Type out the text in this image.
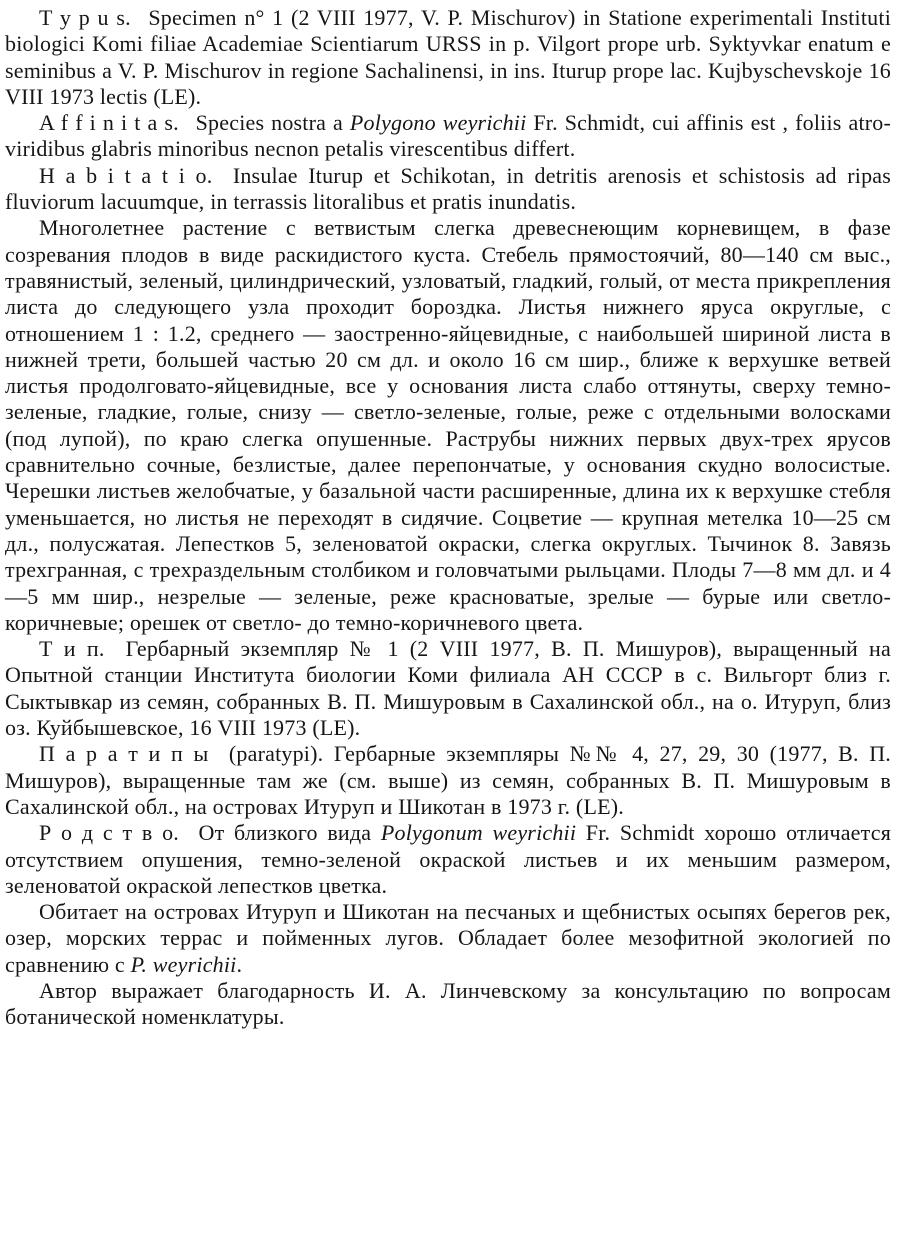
T y p u s. Specimen n° 1 (2 VIII 1977, V. P. Mischurov) in Statione experimentali Instituti biologici Komi filiae Academiae Scientiarum URSS in p. Vilgort prope urb. Syktyvkar enatum e seminibus a V. P. Mischurov in regione Sachalinensi, in ins. Iturup prope lac. Kujbyschevskoje 16 VIII 1973 lectis (LE).

A f f i n i t a s. Species nostra a Polygono weyrichii Fr. Schmidt, cui affinis est , foliis atro-viridibus glabris minoribus necnon petalis virescentibus differt.

H a b i t a t i o. Insulae Iturup et Schikotan, in detritis arenosis et schistosis ad ripas fluviorum lacuumque, in terrassis litoralibus et pratis inundatis.

Многолетнее растение с ветвистым слегка древеснеющим корневищем, в фазе созревания плодов в виде раскидистого куста. Стебель прямостоячий, 80—140 см выс., травянистый, зеленый, цилиндрический, узловатый, гладкий, голый, от места прикрепления листа до следующего узла проходит бороздка. Листья нижнего яруса округлые, с отношением 1 : 1.2, среднего — заостренно-яйцевидные, с наибольшей шириной листа в нижней трети, большей частью 20 см дл. и около 16 см шир., ближе к верхушке ветвей листья продолговато-яйцевидные, все у основания листа слабо оттянуты, сверху темно-зеленые, гладкие, голые, снизу — светло-зеленые, голые, реже с отдельными волосками (под лупой), по краю слегка опушенные. Раструбы нижних первых двух-трех ярусов сравнительно сочные, безлистые, далее перепончатые, у основания скудно волосистые. Черешки листьев желобчатые, у базальной части расширенные, длина их к верхушке стебля уменьшается, но листья не переходят в сидячие. Соцветие — крупная метелка 10—25 см дл., полусжатая. Лепестков 5, зеленоватой окраски, слегка округлых. Тычинок 8. Завязь трехгранная, с трехраздельным столбиком и головчатыми рыльцами. Плоды 7—8 мм дл. и 4—5 мм шир., незрелые — зеленые, реже красноватые, зрелые — бурые или светло-коричневые; орешек от светло- до темно-коричневого цвета.

Т и п. Гербарный экземпляр № 1 (2 VIII 1977, В. П. Мишуров), выращенный на Опытной станции Института биологии Коми филиала АН СССР в с. Вильгорт близ г. Сыктывкар из семян, собранных В. П. Мишуровым в Сахалинской обл., на о. Итуруп, близ оз. Куйбышевское, 16 VIII 1973 (LE).

П а р а т и п ы (paratypi). Гербарные экземпляры №№ 4, 27, 29, 30 (1977, В. П. Мишуров), выращенные там же (см. выше) из семян, собранных В. П. Мишуровым в Сахалинской обл., на островах Итуруп и Шикотан в 1973 г. (LE).

Р о д с т в о. От близкого вида Polygonum weyrichii Fr. Schmidt хорошо отличается отсутствием опушения, темно-зеленой окраской листьев и их меньшим размером, зеленоватой окраской лепестков цветка.

Обитает на островах Итуруп и Шикотан на песчаных и щебнистых осыпях берегов рек, озер, морских террас и пойменных лугов. Обладает более мезофитной экологией по сравнению с P. weyrichii.

Автор выражает благодарность И. А. Линчевскому за консультацию по вопросам ботанической номенклатуры.
